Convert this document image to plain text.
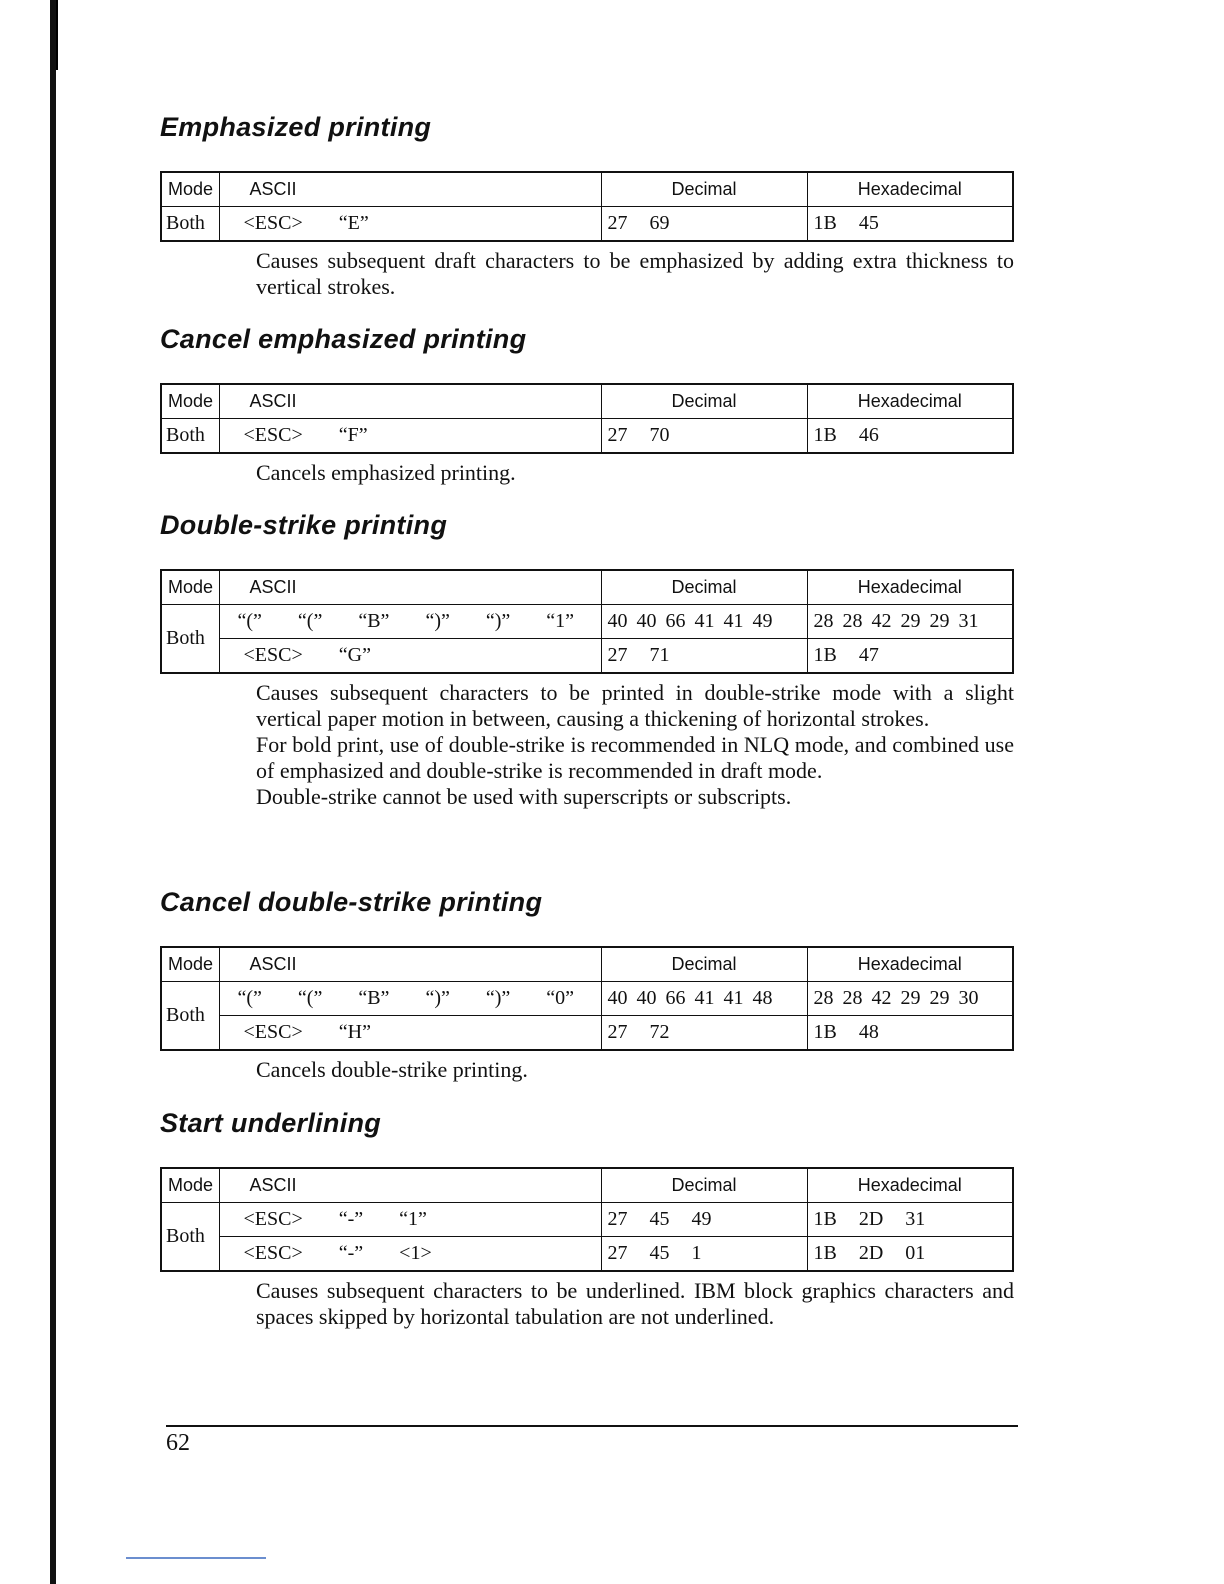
Emphasized printing
Mode	ASCII	Decimal	Hexadecimal
Both	<ESC> “E”	27 69	1B 45

Causes subsequent draft characters to be emphasized by adding extra thickness to vertical strokes.

Cancel emphasized printing
Mode	ASCII	Decimal	Hexadecimal
Both	<ESC> “F”	27 70	1B 46

Cancels emphasized printing.

Double-strike printing
Mode	ASCII	Decimal	Hexadecimal
Both	“(” “(” “B” “)” “)” “1”	40 40 66 41 41 49	28 28 42 29 29 31
	<ESC> “G”	27 71	1B 47

Causes subsequent characters to be printed in double-strike mode with a slight vertical paper motion in between, causing a thickening of horizontal strokes.

For bold print, use of double-strike is recommended in NLQ mode, and combined use of emphasized and double-strike is recommended in draft mode.

Double-strike cannot be used with superscripts or subscripts.

Cancel double-strike printing
Mode	ASCII	Decimal	Hexadecimal
Both	“(” “(” “B” “)” “)” “0”	40 40 66 41 41 48	28 28 42 29 29 30
	<ESC> “H”	27 72	1B 48

Cancels double-strike printing.

Start underlining
Mode	ASCII	Decimal	Hexadecimal
Both	<ESC> “-” “1”	27 45 49	1B 2D 31
	<ESC> “-” <1>	27 45 1	1B 2D 01

Causes subsequent characters to be underlined. IBM block graphics characters and spaces skipped by horizontal tabulation are not underlined.

62
